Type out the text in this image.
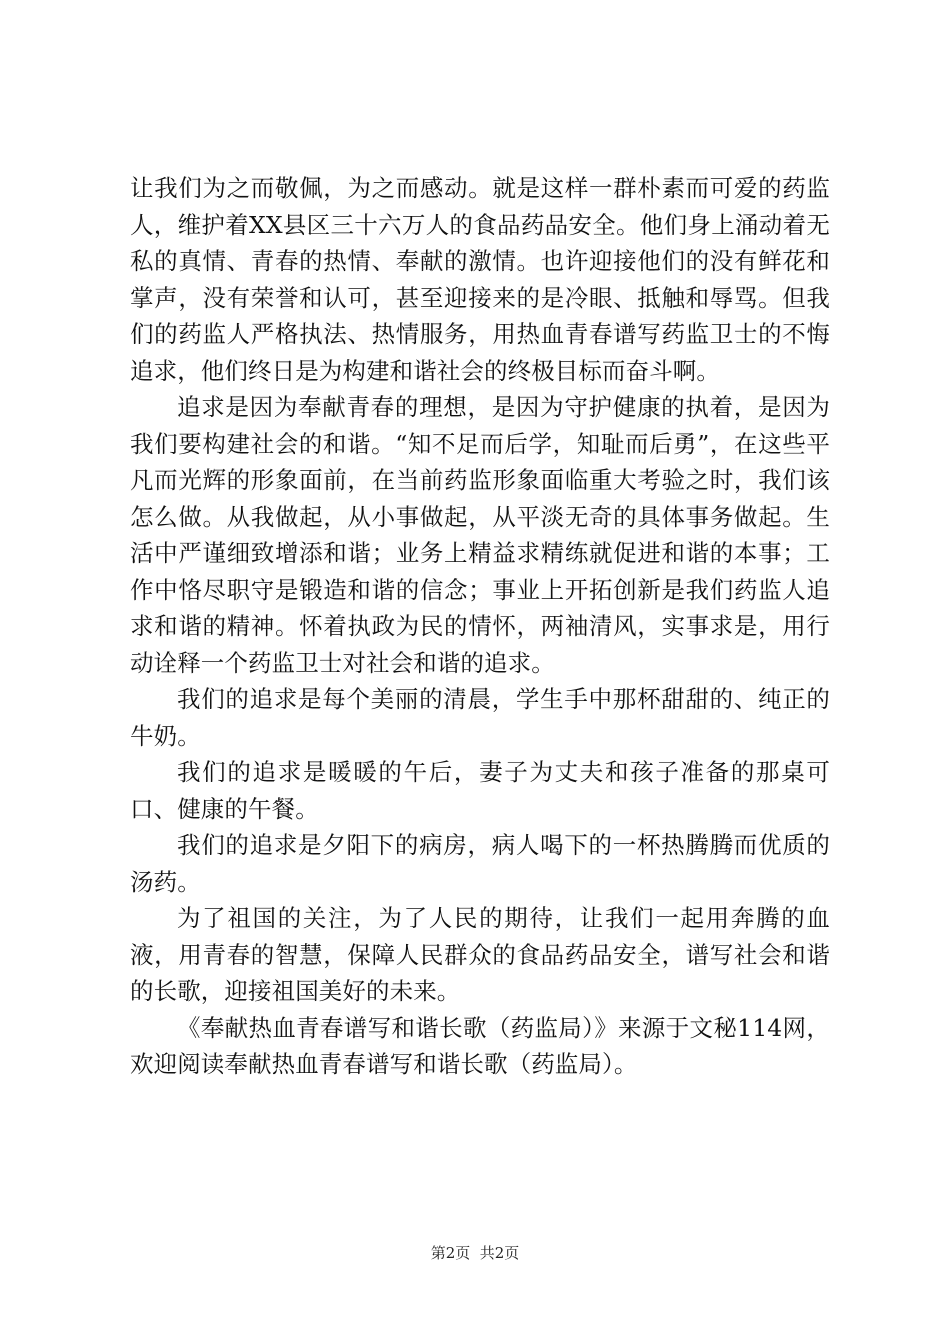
让我们为之而敬佩，为之而感动。就是这样一群朴素而可爱的药监人，维护着XX县区三十六万人的食品药品安全。他们身上涌动着无私的真情、青春的热情、奉献的激情。也许迎接他们的没有鲜花和掌声，没有荣誉和认可，甚至迎接来的是冷眼、抵触和辱骂。但我们的药监人严格执法、热情服务，用热血青春谱写药监卫士的不悔追求，他们终日是为构建和谐社会的终极目标而奋斗啊。

追求是因为奉献青春的理想，是因为守护健康的执着，是因为我们要构建社会的和谐。“知不足而后学，知耻而后勇”，在这些平凡而光辉的形象面前，在当前药监形象面临重大考验之时，我们该怎么做。从我做起，从小事做起，从平淡无奇的具体事务做起。生活中严谨细致增添和谐；业务上精益求精练就促进和谐的本事；工作中恪尽职守是锻造和谐的信念；事业上开拓创新是我们药监人追求和谐的精神。怀着执政为民的情怀，两袖清风，实事求是，用行动诠释一个药监卫士对社会和谐的追求。

我们的追求是每个美丽的清晨，学生手中那杯甜甜的、纯正的牛奶。

我们的追求是暖暖的午后，妻子为丈夫和孩子准备的那桌可口、健康的午餐。

我们的追求是夕阳下的病房，病人喝下的一杯热腾腾而优质的汤药。

为了祖国的关注，为了人民的期待，让我们一起用奔腾的血液，用青春的智慧，保障人民群众的食品药品安全，谱写社会和谐的长歌，迎接祖国美好的未来。

《奉献热血青春谱写和谐长歌（药监局）》来源于文秘114网，欢迎阅读奉献热血青春谱写和谐长歌（药监局）。

第2页  共2页
